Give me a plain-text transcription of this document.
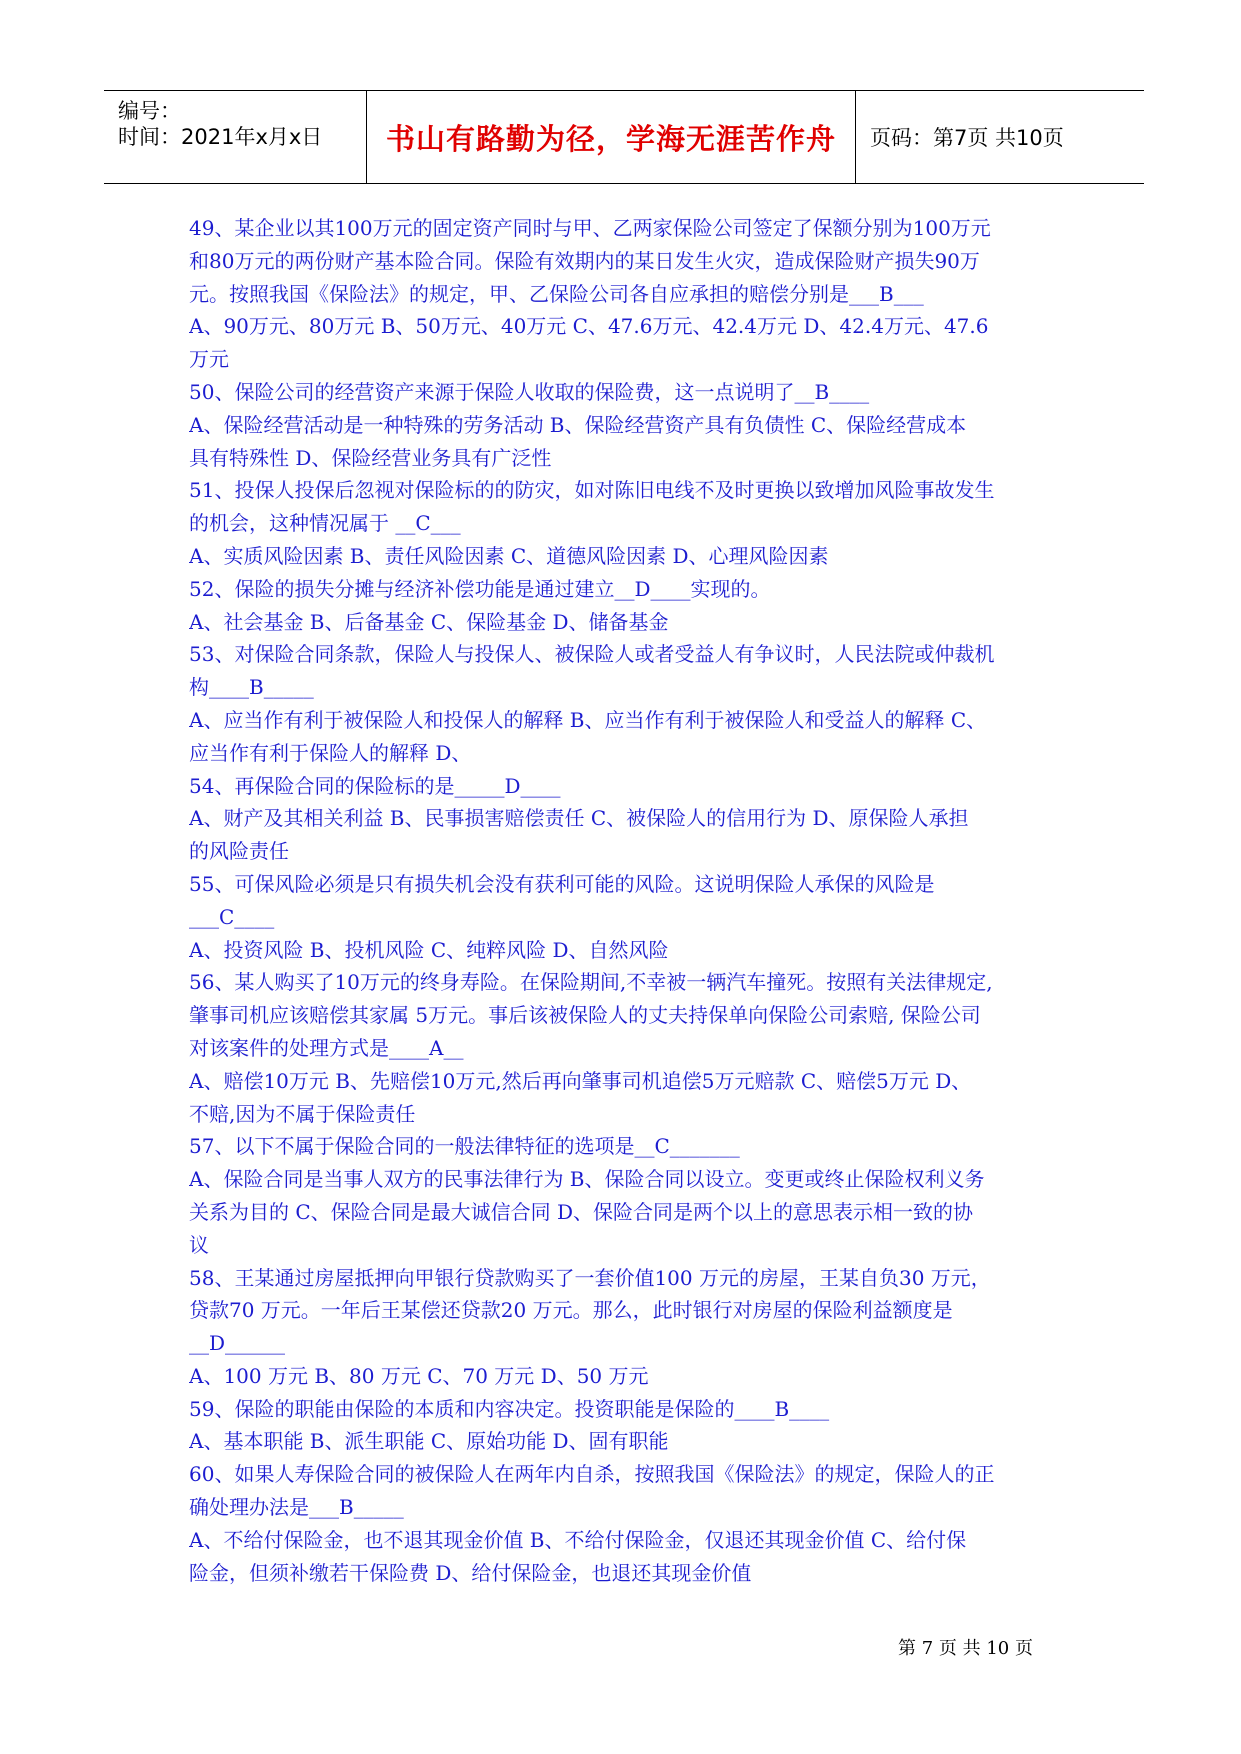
编号：
时间：2021年x月x日 书山有路勤为径，学海无涯苦作舟 页码：第7页 共10页
49、某企业以其100万元的固定资产同时与甲、乙两家保险公司签定了保额分别为100万元
和80万元的两份财产基本险合同。保险有效期内的某日发生火灾，造成保险财产损失90万
元。按照我国《保险法》的规定，甲、乙保险公司各自应承担的赔偿分别是___B___
A、90万元、80万元 B、50万元、40万元 C、47.6万元、42.4万元 D、42.4万元、47.6
万元
50、保险公司的经营资产来源于保险人收取的保险费，这一点说明了__B____
A、保险经营活动是一种特殊的劳务活动 B、保险经营资产具有负债性 C、保险经营成本
具有特殊性 D、保险经营业务具有广泛性
51、投保人投保后忽视对保险标的的防灾，如对陈旧电线不及时更换以致增加风险事故发生
的机会，这种情况属于 __C___
A、实质风险因素 B、责任风险因素 C、道德风险因素 D、心理风险因素
52、保险的损失分摊与经济补偿功能是通过建立__D____实现的。
A、社会基金 B、后备基金 C、保险基金 D、储备基金
53、对保险合同条款，保险人与投保人、被保险人或者受益人有争议时，人民法院或仲裁机
构____B_____
A、应当作有利于被保险人和投保人的解释 B、应当作有利于被保险人和受益人的解释 C、
应当作有利于保险人的解释 D、
54、再保险合同的保险标的是_____D____
A、财产及其相关利益 B、民事损害赔偿责任 C、被保险人的信用行为 D、原保险人承担
的风险责任
55、可保风险必须是只有损失机会没有获利可能的风险。这说明保险人承保的风险是
___C____
A、投资风险 B、投机风险 C、纯粹风险 D、自然风险
56、某人购买了10万元的终身寿险。在保险期间,不幸被一辆汽车撞死。按照有关法律规定,
肇事司机应该赔偿其家属 5万元。事后该被保险人的丈夫持保单向保险公司索赔, 保险公司
对该案件的处理方式是____A__
A、赔偿10万元 B、先赔偿10万元,然后再向肇事司机追偿5万元赔款 C、赔偿5万元 D、
不赔,因为不属于保险责任
57、以下不属于保险合同的一般法律特征的选项是__C_______
A、保险合同是当事人双方的民事法律行为 B、保险合同以设立。变更或终止保险权利义务
关系为目的 C、保险合同是最大诚信合同 D、保险合同是两个以上的意思表示相一致的协
议
58、王某通过房屋抵押向甲银行贷款购买了一套价值100 万元的房屋，王某自负30 万元，
贷款70 万元。一年后王某偿还贷款20 万元。那么，此时银行对房屋的保险利益额度是
__D______
A、100 万元 B、80 万元 C、70 万元 D、50 万元
59、保险的职能由保险的本质和内容决定。投资职能是保险的____B____
A、基本职能 B、派生职能 C、原始功能 D、固有职能
60、如果人寿保险合同的被保险人在两年内自杀，按照我国《保险法》的规定，保险人的正
确处理办法是___B_____
A、不给付保险金，也不退其现金价值 B、不给付保险金，仅退还其现金价值 C、给付保
险金，但须补缴若干保险费 D、给付保险金，也退还其现金价值
第 7 页 共 10 页
